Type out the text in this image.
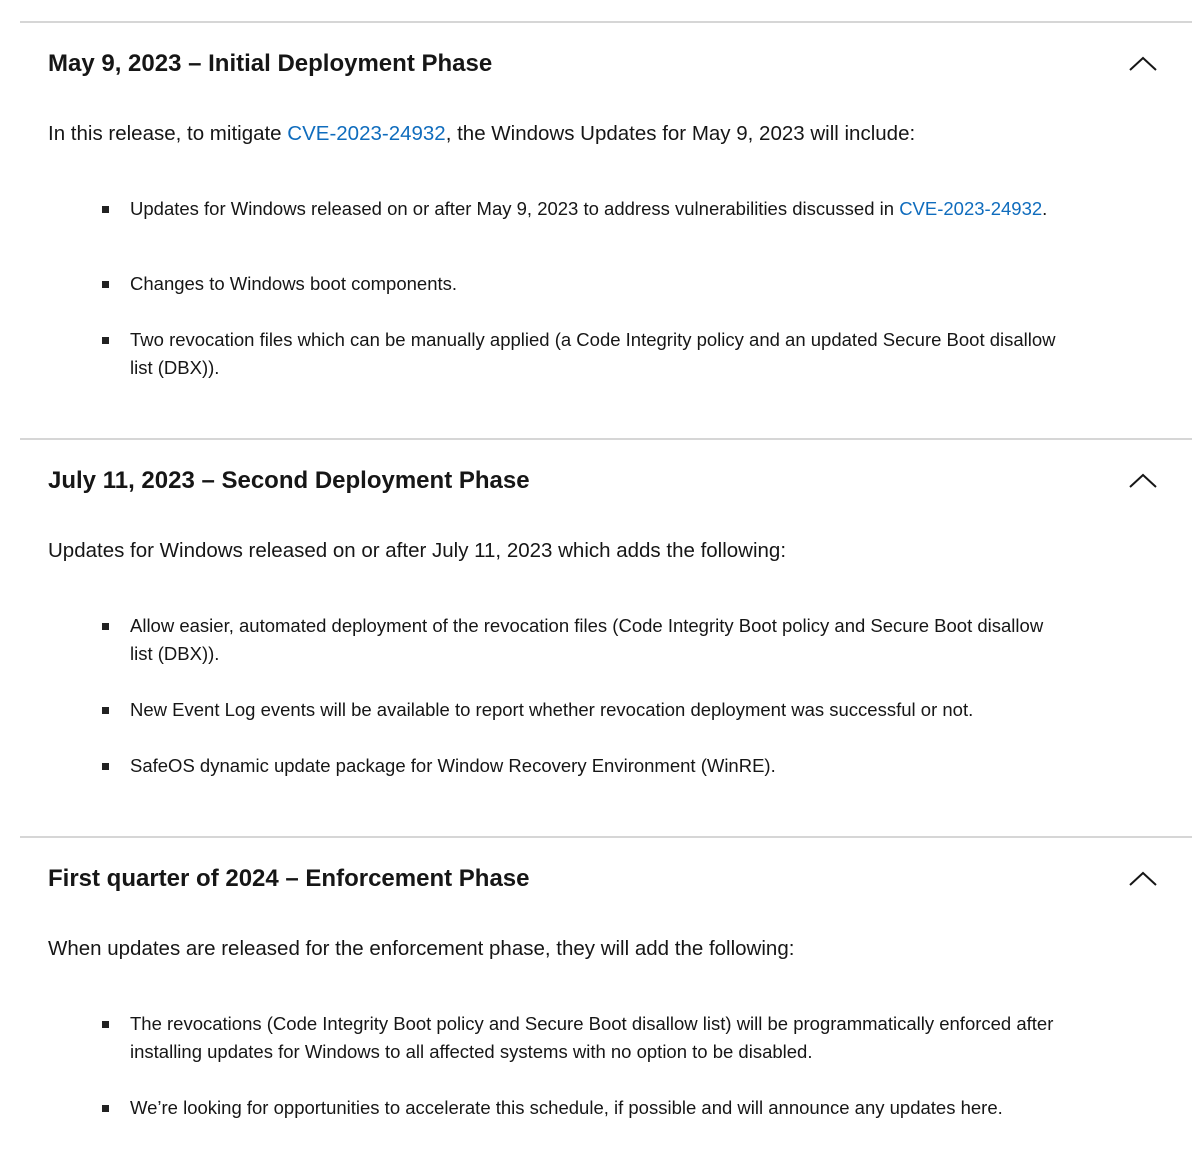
May 9, 2023 – Initial Deployment Phase
In this release, to mitigate CVE-2023-24932, the Windows Updates for May 9, 2023 will include:
Updates for Windows released on or after May 9, 2023 to address vulnerabilities discussed in CVE-2023-24932.
Changes to Windows boot components.
Two revocation files which can be manually applied (a Code Integrity policy and an updated Secure Boot disallow list (DBX)).
July 11, 2023 – Second Deployment Phase
Updates for Windows released on or after July 11, 2023 which adds the following:
Allow easier, automated deployment of the revocation files (Code Integrity Boot policy and Secure Boot disallow list (DBX)).
New Event Log events will be available to report whether revocation deployment was successful or not.
SafeOS dynamic update package for Window Recovery Environment (WinRE).
First quarter of 2024 – Enforcement Phase
When updates are released for the enforcement phase, they will add the following:
The revocations (Code Integrity Boot policy and Secure Boot disallow list) will be programmatically enforced after installing updates for Windows to all affected systems with no option to be disabled.
We’re looking for opportunities to accelerate this schedule, if possible and will announce any updates here.
